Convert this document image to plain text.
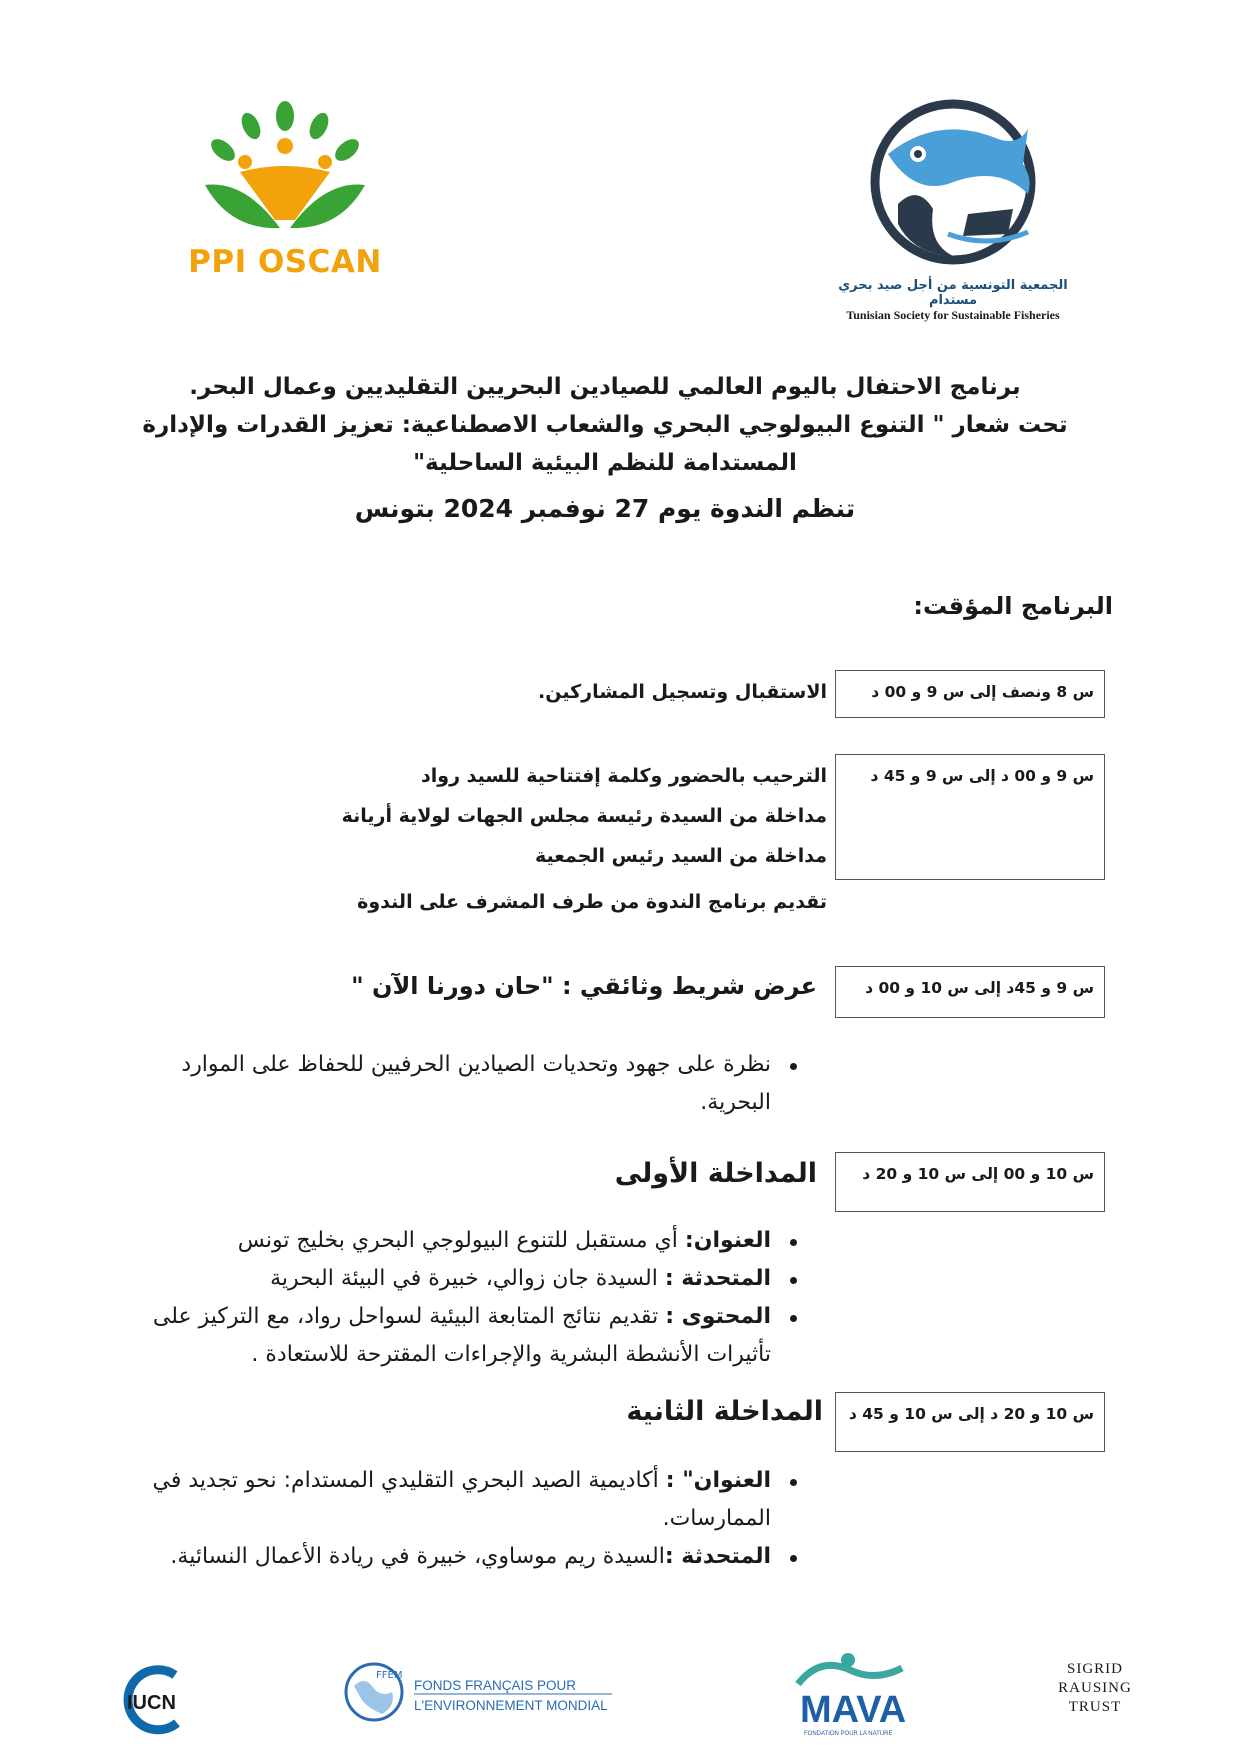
الجمعية التونسية من أجل صيد بحري مستدام
Tunisian Society for Sustainable Fisheries
PPI OSCAN
برنامج الاحتفال باليوم العالمي للصيادين البحريين التقليديين وعمال البحر.
تحت شعار " التنوع البيولوجي البحري والشعاب الاصطناعية: تعزيز القدرات والإدارة
المستدامة للنظم البيئية الساحلية"
تنظم الندوة يوم 27 نوفمبر 2024 بتونس
البرنامج المؤقت:
س 8 ونصف إلى س 9 و 00 د
الاستقبال وتسجيل المشاركين.
س 9 و 00 د إلى س 9 و 45 د
الترحيب بالحضور وكلمة إفتتاحية للسيد رواد
مداخلة من السيدة رئيسة مجلس الجهات لولاية أريانة
مداخلة من السيد رئيس الجمعية
تقديم برنامج الندوة من طرف المشرف على الندوة
س 9 و 45د إلى س 10 و 00 د
عرض شريط وثائقي : "حان دورنا الآن "
نظرة على جهود وتحديات الصيادين الحرفيين للحفاظ على الموارد البحرية.
س 10 و 00 إلى س 10 و 20 د
المداخلة الأولى
العنوان: أي مستقبل للتنوع البيولوجي البحري بخليج تونس
المتحدثة : السيدة جان زوالي، خبيرة في البيئة البحرية
المحتوى : تقديم نتائج المتابعة البيئية لسواحل رواد، مع التركيز على تأثيرات الأنشطة البشرية والإجراءات المقترحة للاستعادة .
س 10 و 20 د إلى س 10 و 45 د
المداخلة الثانية
العنوان" : أكاديمية الصيد البحري التقليدي المستدام: نحو تجديد في الممارسات.
المتحدثة :السيدة ريم موساوي، خبيرة في ريادة الأعمال النسائية.
IUCN
FFEM
FONDS FRANÇAIS POUR
L'ENVIRONNEMENT MONDIAL	MAVA
FONDATION POUR LA NATURE
SIGRID
RAUSING
TRUST
